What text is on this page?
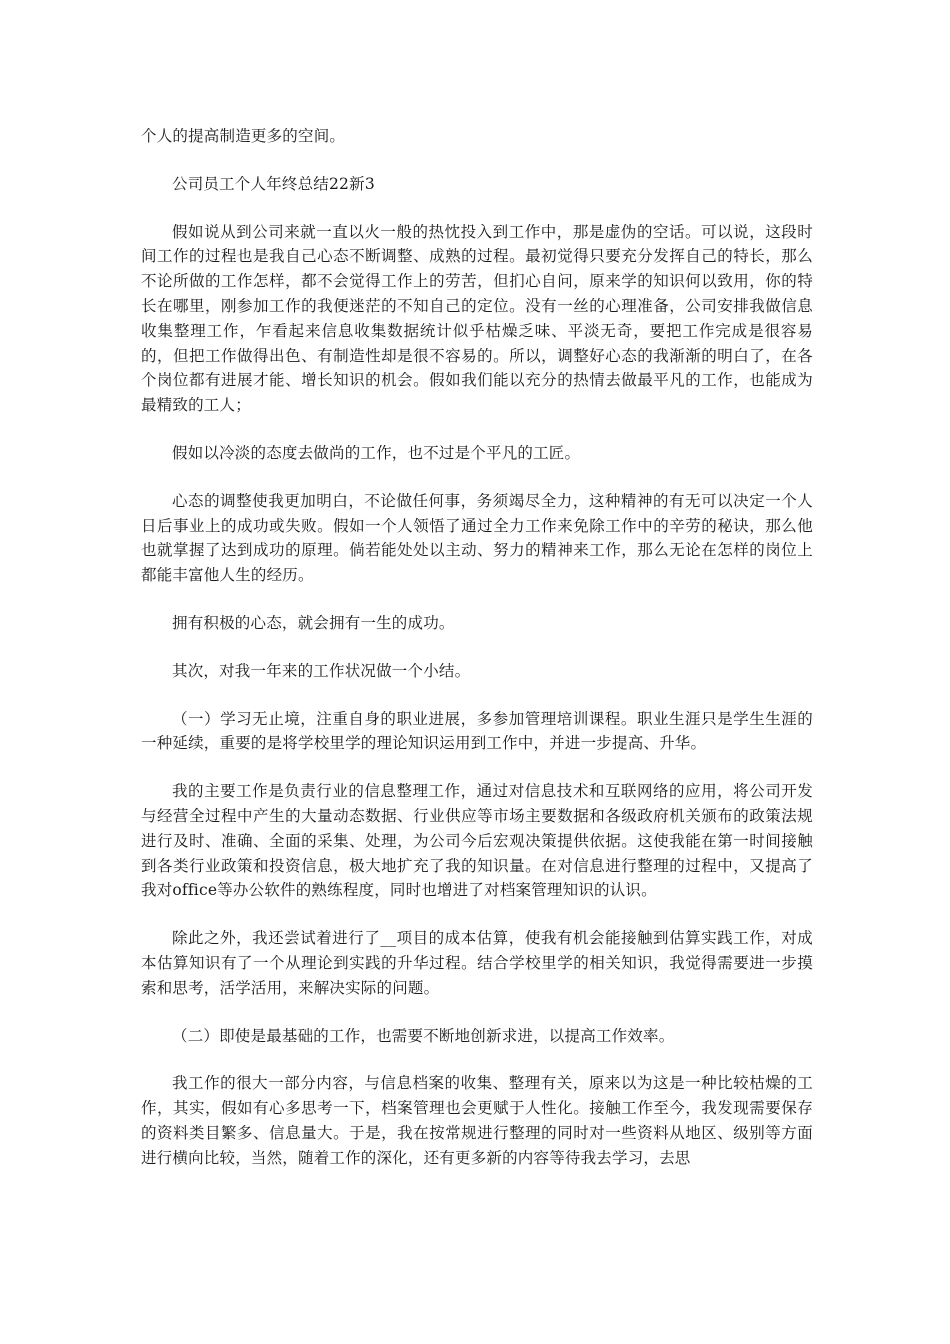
个人的提高制造更多的空间。

公司员工个人年终总结22新3

假如说从到公司来就一直以火一般的热忱投入到工作中，那是虚伪的空话。可以说，这段时间工作的过程也是我自己心态不断调整、成熟的过程。最初觉得只要充分发挥自己的特长，那么不论所做的工作怎样，都不会觉得工作上的劳苦，但扪心自问，原来学的知识何以致用，你的特长在哪里，刚参加工作的我便迷茫的不知自己的定位。没有一丝的心理准备，公司安排我做信息收集整理工作，乍看起来信息收集数据统计似乎枯燥乏味、平淡无奇，要把工作完成是很容易的，但把工作做得出色、有制造性却是很不容易的。所以，调整好心态的我渐渐的明白了，在各个岗位都有进展才能、增长知识的机会。假如我们能以充分的热情去做最平凡的工作，也能成为最精致的工人；

假如以冷淡的态度去做尚的工作，也不过是个平凡的工匠。

心态的调整使我更加明白，不论做任何事，务须竭尽全力，这种精神的有无可以决定一个人日后事业上的成功或失败。假如一个人领悟了通过全力工作来免除工作中的辛劳的秘诀，那么他也就掌握了达到成功的原理。倘若能处处以主动、努力的精神来工作，那么无论在怎样的岗位上都能丰富他人生的经历。

拥有积极的心态，就会拥有一生的成功。

其次，对我一年来的工作状况做一个小结。

（一）学习无止境，注重自身的职业进展，多参加管理培训课程。职业生涯只是学生生涯的一种延续，重要的是将学校里学的理论知识运用到工作中，并进一步提高、升华。

我的主要工作是负责行业的信息整理工作，通过对信息技术和互联网络的应用，将公司开发与经营全过程中产生的大量动态数据、行业供应等市场主要数据和各级政府机关颁布的政策法规进行及时、准确、全面的采集、处理，为公司今后宏观决策提供依据。这使我能在第一时间接触到各类行业政策和投资信息，极大地扩充了我的知识量。在对信息进行整理的过程中，又提高了我对office等办公软件的熟练程度，同时也增进了对档案管理知识的认识。

除此之外，我还尝试着进行了__项目的成本估算，使我有机会能接触到估算实践工作，对成本估算知识有了一个从理论到实践的升华过程。结合学校里学的相关知识，我觉得需要进一步摸索和思考，活学活用，来解决实际的问题。

（二）即使是最基础的工作，也需要不断地创新求进，以提高工作效率。

我工作的很大一部分内容，与信息档案的收集、整理有关，原来以为这是一种比较枯燥的工作，其实，假如有心多思考一下，档案管理也会更赋于人性化。接触工作至今，我发现需要保存的资料类目繁多、信息量大。于是，我在按常规进行整理的同时对一些资料从地区、级别等方面进行横向比较，当然，随着工作的深化，还有更多新的内容等待我去学习，去思
